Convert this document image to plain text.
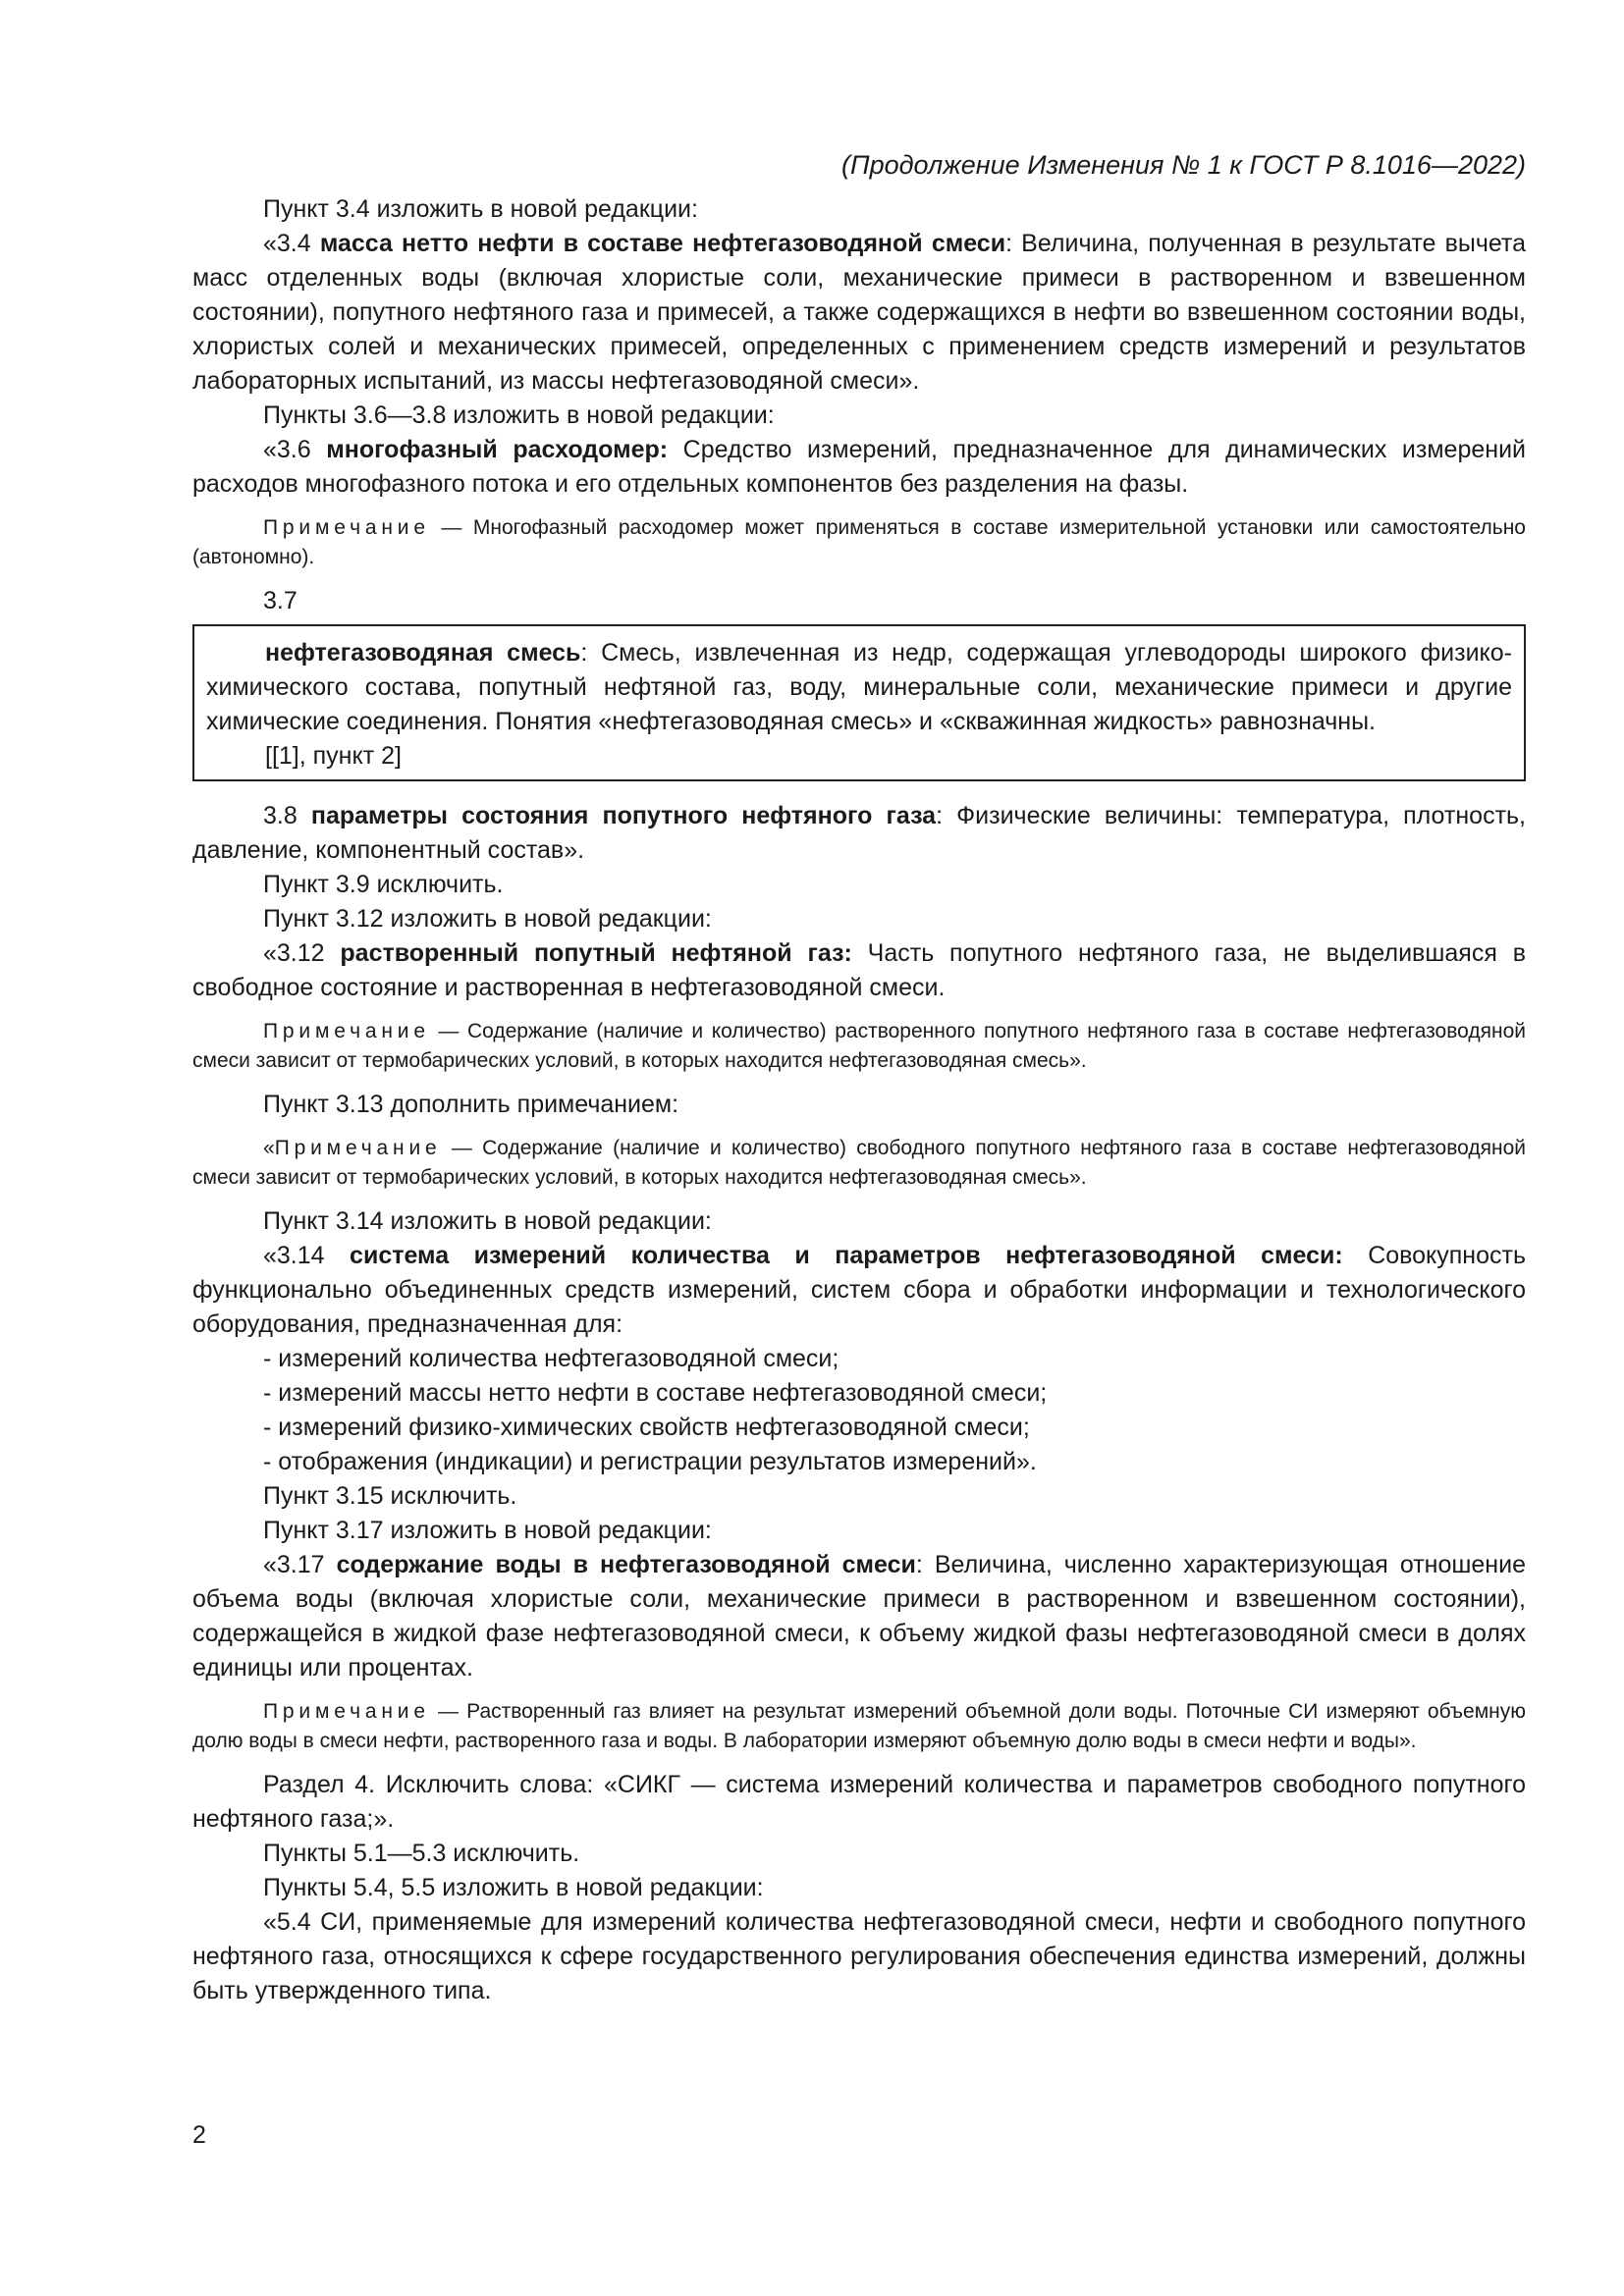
(Продолжение Изменения № 1 к ГОСТ Р 8.1016—2022)

Пункт 3.4 изложить в новой редакции:

«3.4 масса нетто нефти в составе нефтегазоводяной смеси: Величина, полученная в результате вычета масс отделенных воды (включая хлористые соли, механические примеси в растворенном и взвешенном состоянии), попутного нефтяного газа и примесей, а также содержащихся в нефти во взвешенном состоянии воды, хлористых солей и механических примесей, определенных с применением средств измерений и результатов лабораторных испытаний, из массы нефтегазоводяной смеси».

Пункты 3.6—3.8 изложить в новой редакции:

«3.6 многофазный расходомер: Средство измерений, предназначенное для динамических измерений расходов многофазного потока и его отдельных компонентов без разделения на фазы.

Примечание — Многофазный расходомер может применяться в составе измерительной установки или самостоятельно (автономно).

3.7

нефтегазоводяная смесь: Смесь, извлеченная из недр, содержащая углеводороды широкого физико-химического состава, попутный нефтяной газ, воду, минеральные соли, механические примеси и другие химические соединения. Понятия «нефтегазоводяная смесь» и «скважинная жидкость» равнозначны.

[[1], пункт 2]

3.8 параметры состояния попутного нефтяного газа: Физические величины: температура, плотность, давление, компонентный состав».

Пункт 3.9 исключить.

Пункт 3.12 изложить в новой редакции:

«3.12 растворенный попутный нефтяной газ: Часть попутного нефтяного газа, не выделившаяся в свободное состояние и растворенная в нефтегазоводяной смеси.

Примечание — Содержание (наличие и количество) растворенного попутного нефтяного газа в составе нефтегазоводяной смеси зависит от термобарических условий, в которых находится нефтегазоводяная смесь».

Пункт 3.13 дополнить примечанием:

«Примечание — Содержание (наличие и количество) свободного попутного нефтяного газа в составе нефтегазоводяной смеси зависит от термобарических условий, в которых находится нефтегазоводяная смесь».

Пункт 3.14 изложить в новой редакции:

«3.14 система измерений количества и параметров нефтегазоводяной смеси: Совокупность функционально объединенных средств измерений, систем сбора и обработки информации и технологического оборудования, предназначенная для:

- измерений количества нефтегазоводяной смеси;

- измерений массы нетто нефти в составе нефтегазоводяной смеси;

- измерений физико-химических свойств нефтегазоводяной смеси;

- отображения (индикации) и регистрации результатов измерений».

Пункт 3.15 исключить.

Пункт 3.17 изложить в новой редакции:

«3.17 содержание воды в нефтегазоводяной смеси: Величина, численно характеризующая отношение объема воды (включая хлористые соли, механические примеси в растворенном и взвешенном состоянии), содержащейся в жидкой фазе нефтегазоводяной смеси, к объему жидкой фазы нефтегазоводяной смеси в долях единицы или процентах.

Примечание — Растворенный газ влияет на результат измерений объемной доли воды. Поточные СИ измеряют объемную долю воды в смеси нефти, растворенного газа и воды. В лаборатории измеряют объемную долю воды в смеси нефти и воды».

Раздел 4. Исключить слова: «СИКГ — система измерений количества и параметров свободного попутного нефтяного газа;».

Пункты 5.1—5.3 исключить.

Пункты 5.4, 5.5 изложить в новой редакции:

«5.4 СИ, применяемые для измерений количества нефтегазоводяной смеси, нефти и свободного попутного нефтяного газа, относящихся к сфере государственного регулирования обеспечения единства измерений, должны быть утвержденного типа.

2
